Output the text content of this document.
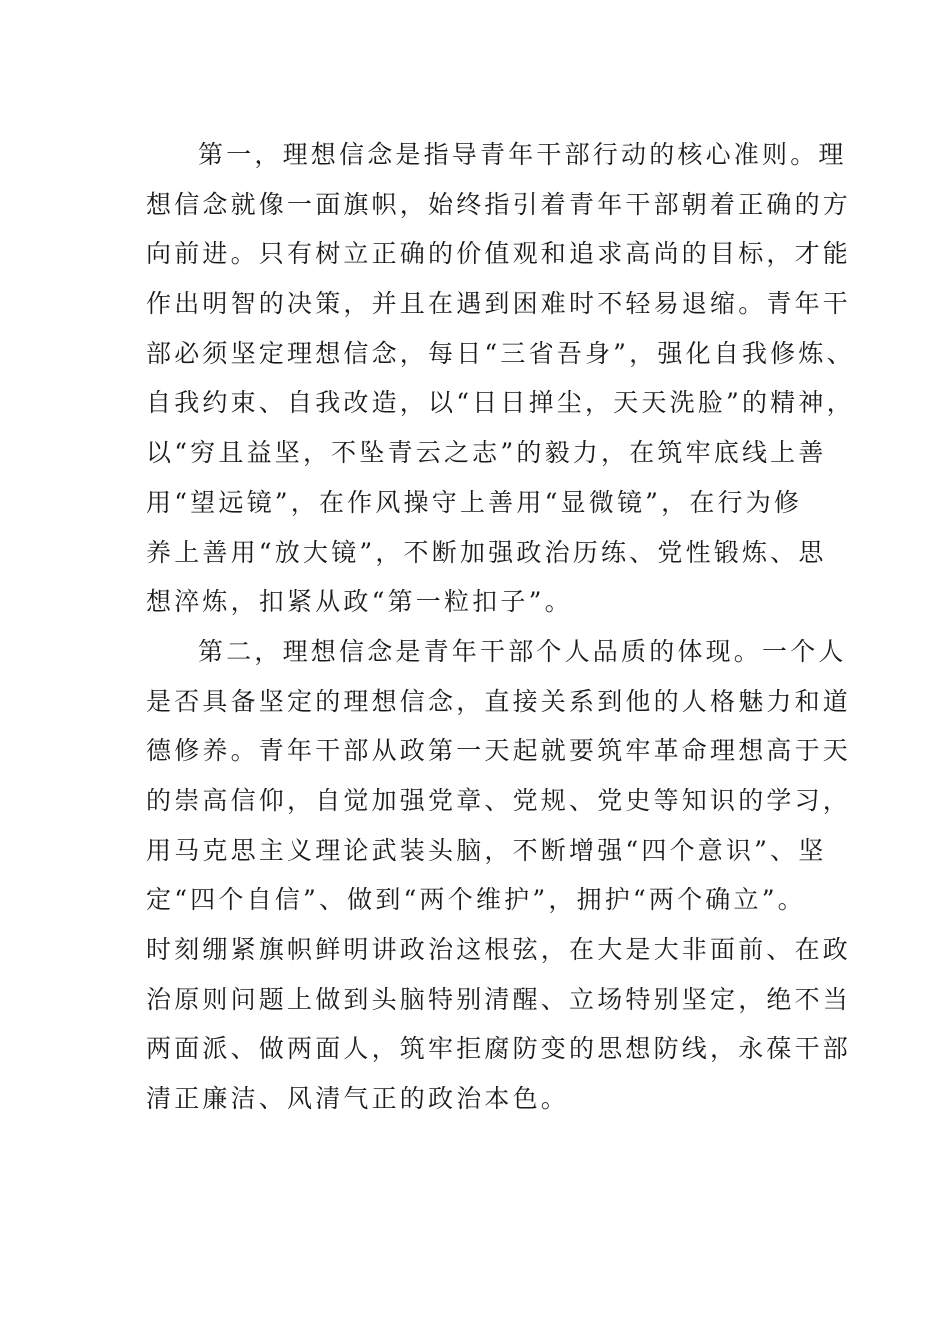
第一，理想信念是指导青年干部行动的核心准则。理

想信念就像一面旗帜，始终指引着青年干部朝着正确的方

向前进。只有树立正确的价值观和追求高尚的目标，才能

作出明智的决策，并且在遇到困难时不轻易退缩。青年干

部必须坚定理想信念，每日“三省吾身”，强化自我修炼、

自我约束、自我改造，以“日日掸尘，天天洗脸”的精神，

以“穷且益坚，不坠青云之志”的毅力，在筑牢底线上善

用“望远镜”，在作风操守上善用“显微镜”，在行为修

养上善用“放大镜”，不断加强政治历练、党性锻炼、思

想淬炼，扣紧从政“第一粒扣子”。

第二，理想信念是青年干部个人品质的体现。一个人

是否具备坚定的理想信念，直接关系到他的人格魅力和道

德修养。青年干部从政第一天起就要筑牢革命理想高于天

的崇高信仰，自觉加强党章、党规、党史等知识的学习，

用马克思主义理论武装头脑，不断增强“四个意识”、坚

定“四个自信”、做到“两个维护”，拥护“两个确立”。

时刻绷紧旗帜鲜明讲政治这根弦，在大是大非面前、在政

治原则问题上做到头脑特别清醒、立场特别坚定，绝不当

两面派、做两面人，筑牢拒腐防变的思想防线，永葆干部

清正廉洁、风清气正的政治本色。
